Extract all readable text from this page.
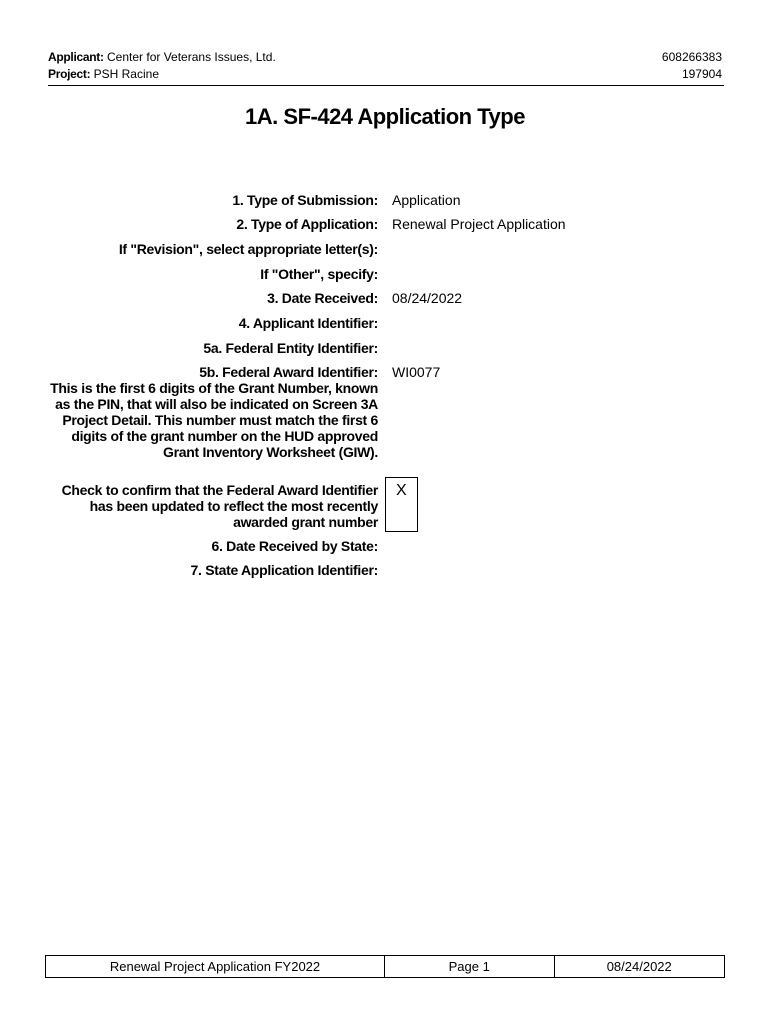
Applicant: Center for Veterans Issues, Ltd.
Project: PSH Racine
608266383
197904
1A. SF-424 Application Type
1. Type of Submission: Application
2. Type of Application: Renewal Project Application
If "Revision", select appropriate letter(s):
If "Other", specify:
3. Date Received: 08/24/2022
4. Applicant Identifier:
5a. Federal Entity Identifier:
5b. Federal Award Identifier: WI0077
This is the first 6 digits of the Grant Number, known as the PIN, that will also be indicated on Screen 3A Project Detail. This number must match the first 6 digits of the grant number on the HUD approved Grant Inventory Worksheet (GIW).
Check to confirm that the Federal Award Identifier has been updated to reflect the most recently awarded grant number
X
6. Date Received by State:
7. State Application Identifier:
Renewal Project Application FY2022	Page 1	08/24/2022
